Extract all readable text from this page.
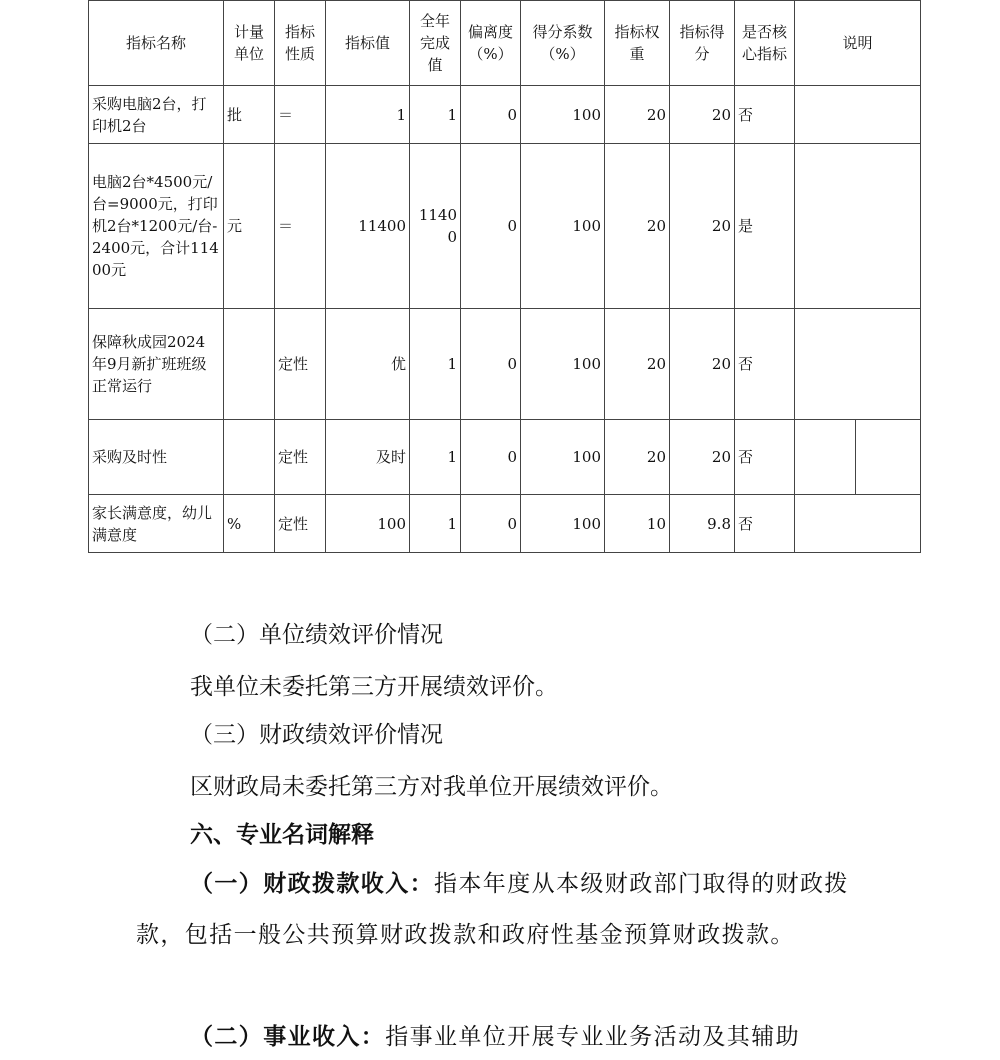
指标名称	计量单位	指标性质	指标值	全年完成值	偏离度（%）	得分系数（%）	指标权重	指标得分	是否核心指标	说明
采购电脑2台，打印机2台	批	＝	1	1	0	100	20	20	否	
电脑2台*4500元/台=9000元，打印机2台*1200元/台-2400元，合计11400元	元	＝	11400	11400	0	100	20	20	是	
保障秋成园2024年9月新扩班班级正常运行		定性	优	1	0	100	20	20	否	
采购及时性		定性	及时	1	0	100	20	20	否	

家长满意度，幼儿满意度	%	定性	100	1	0	100	10	9.8	否	

（二）单位绩效评价情况

我单位未委托第三方开展绩效评价。

（三）财政绩效评价情况

区财政局未委托第三方对我单位开展绩效评价。

六、专业名词解释

（一）财政拨款收入：指本年度从本级财政部门取得的财政拨款，包括一般公共预算财政拨款和政府性基金预算财政拨款。

（二）事业收入：指事业单位开展专业业务活动及其辅助
